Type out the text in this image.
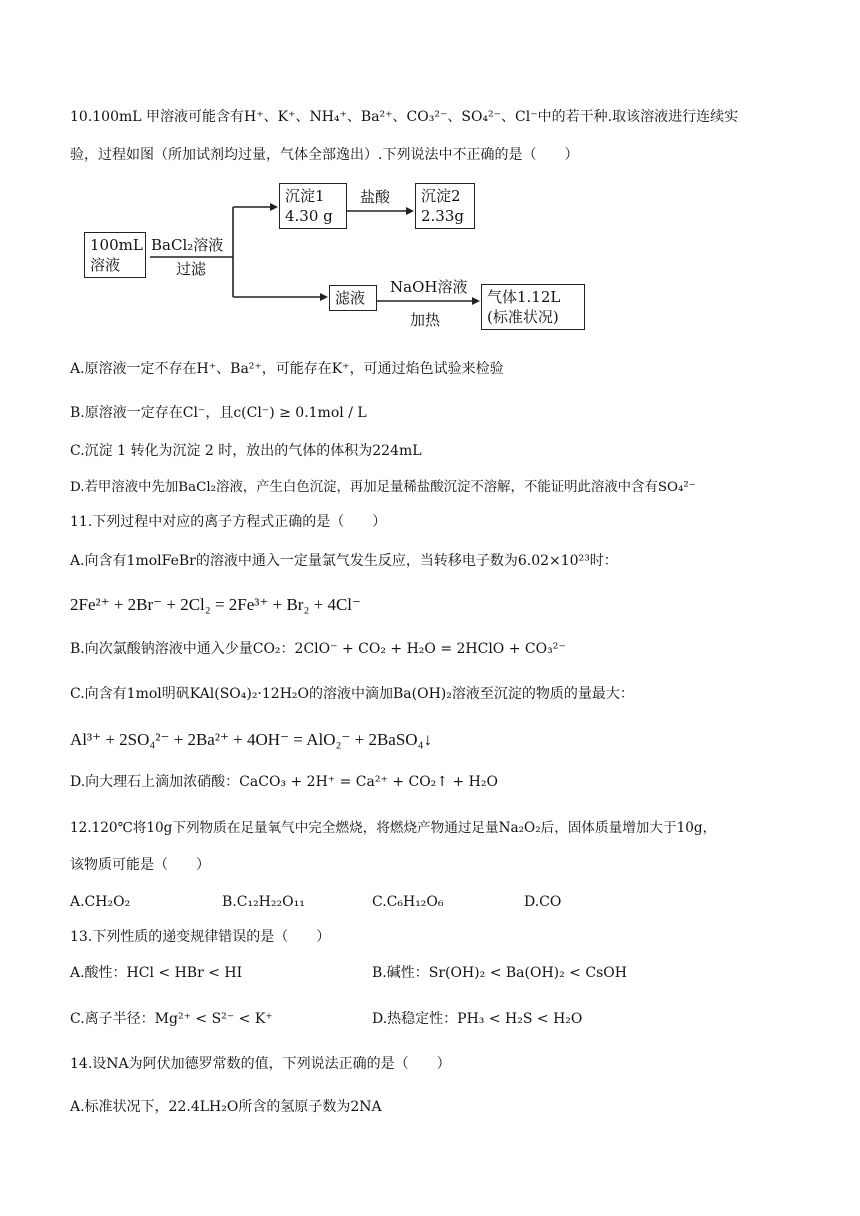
10.100mL 甲溶液可能含有H⁺、K⁺、NH₄⁺、Ba²⁺、CO₃²⁻、SO₄²⁻、Cl⁻中的若干种.取该溶液进行连续实
验，过程如图（所加试剂均过量，气体全部逸出）.下列说法中不正确的是（　　）
100mL
溶液
BaCl₂溶液
过滤
沉淀1
4.30 g
盐酸 沉淀2
2.33g
滤液
NaOH溶液
加热
气体1.12L
(标准状况)
A.原溶液一定不存在H⁺、Ba²⁺，可能存在K⁺，可通过焰色试验来检验
B.原溶液一定存在Cl⁻，且c(Cl⁻) ≥ 0.1mol / L
C.沉淀 1 转化为沉淀 2 时，放出的气体的体积为224mL
D.若甲溶液中先加BaCl₂溶液，产生白色沉淀，再加足量稀盐酸沉淀不溶解，不能证明此溶液中含有SO₄²⁻
11.下列过程中对应的离子方程式正确的是（　　）
A.向含有1molFeBr的溶液中通入一定量氯气发生反应，当转移电子数为6.02×10²³时：
2Fe²⁺ + 2Br⁻ + 2Cl₂ = 2Fe³⁺ + Br₂ + 4Cl⁻
B.向次氯酸钠溶液中通入少量CO₂：2ClO⁻ + CO₂ + H₂O = 2HClO + CO₃²⁻
C.向含有1mol明矾KAl(SO₄)₂·12H₂O的溶液中滴加Ba(OH)₂溶液至沉淀的物质的量最大：
Al³⁺ + 2SO₄²⁻ + 2Ba²⁺ + 4OH⁻ = AlO₂⁻ + 2BaSO₄↓
D.向大理石上滴加浓硝酸：CaCO₃ + 2H⁺ = Ca²⁺ + CO₂↑ + H₂O
12.120℃将10g下列物质在足量氧气中完全燃烧，将燃烧产物通过足量Na₂O₂后，固体质量增加大于10g，
该物质可能是（　　）
A.CH₂O₂	B.C₁₂H₂₂O₁₁	C.C₆H₁₂O₆	D.CO
13.下列性质的递变规律错误的是（　　）
A.酸性：HCl < HBr < HI	B.碱性：Sr(OH)₂ < Ba(OH)₂ < CsOH
C.离子半径：Mg²⁺ < S²⁻ < K⁺	D.热稳定性：PH₃ < H₂S < H₂O
14.设NA为阿伏加德罗常数的值，下列说法正确的是（　　）
A.标准状况下，22.4LH₂O所含的氢原子数为2NA
